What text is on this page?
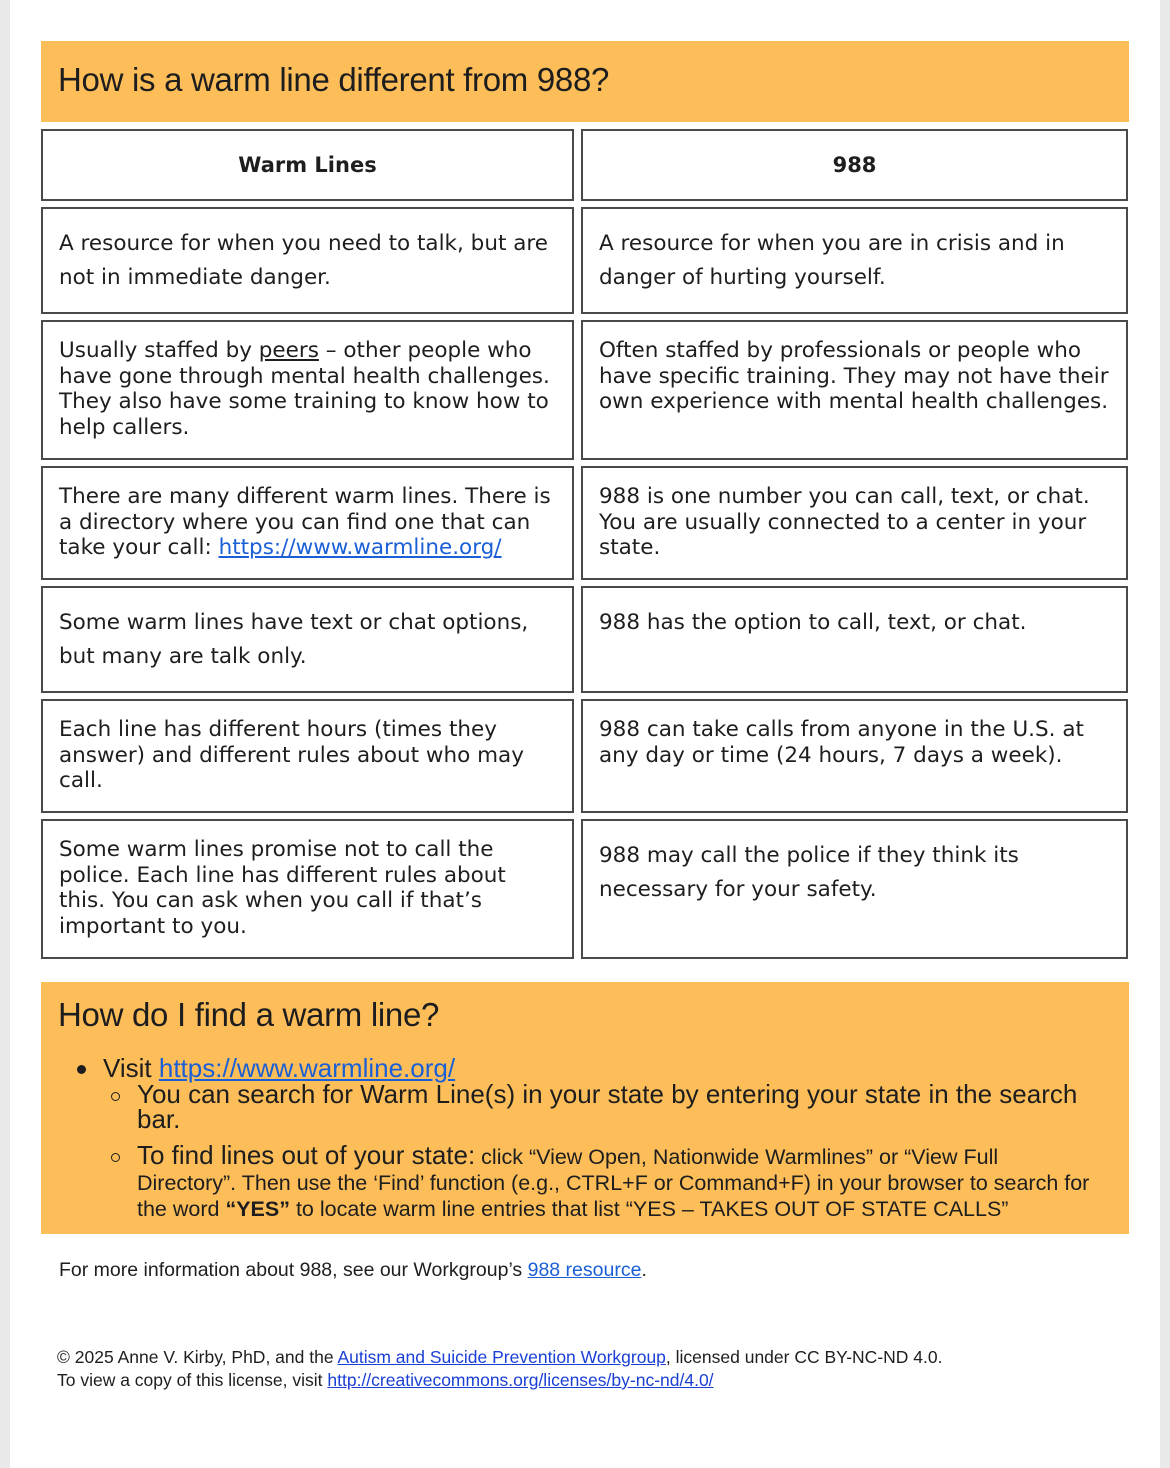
How is a warm line different from 988?
Warm Lines	988
A resource for when you need to talk, but are not in immediate danger.
A resource for when you are in crisis and in danger of hurting yourself.
Usually staffed by peers – other people who have gone through mental health challenges. They also have some training to know how to help callers.
Often staffed by professionals or people who have specific training. They may not have their own experience with mental health challenges.
There are many different warm lines. There is a directory where you can find one that can take your call: https://www.warmline.org/
988 is one number you can call, text, or chat. You are usually connected to a center in your state.
Some warm lines have text or chat options, but many are talk only.
988 has the option to call, text, or chat.
Each line has different hours (times they answer) and different rules about who may call.
988 can take calls from anyone in the U.S. at any day or time (24 hours, 7 days a week).
Some warm lines promise not to call the police. Each line has different rules about this. You can ask when you call if that’s important to you.
988 may call the police if they think its necessary for your safety.
How do I find a warm line?
Visit https://www.warmline.org/
You can search for Warm Line(s) in your state by entering your state in the search bar.
To find lines out of your state: click “View Open, Nationwide Warmlines” or “View Full Directory”. Then use the ‘Find’ function (e.g., CTRL+F or Command+F) in your browser to search for the word “YES” to locate warm line entries that list “YES – TAKES OUT OF STATE CALLS”
For more information about 988, see our Workgroup’s 988 resource.
© 2025 Anne V. Kirby, PhD, and the Autism and Suicide Prevention Workgroup, licensed under CC BY-NC-ND 4.0.
To view a copy of this license, visit http://creativecommons.org/licenses/by-nc-nd/4.0/
